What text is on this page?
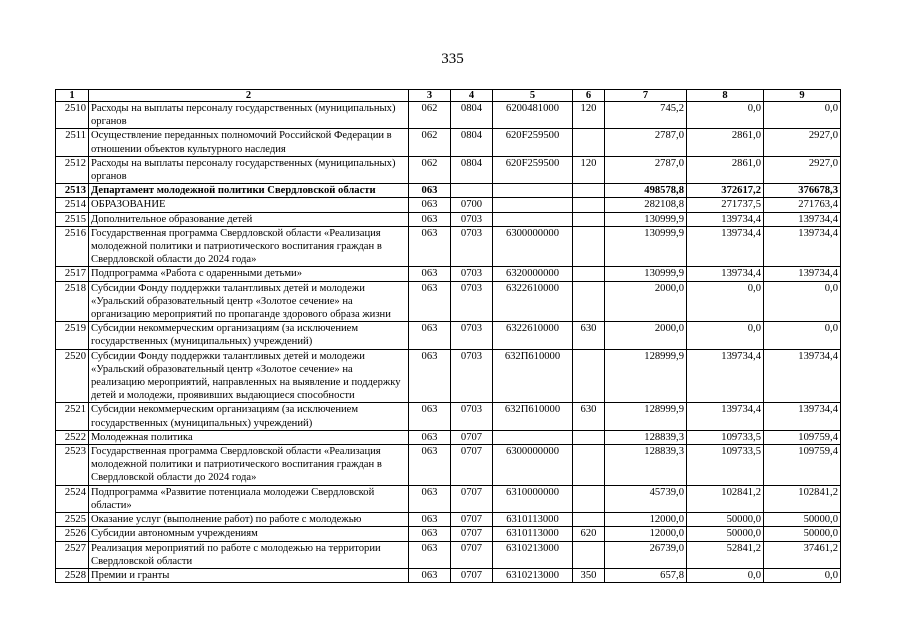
335
1	2	3	4	5	6	7	8	9
2510	Расходы на выплаты персоналу государственных (муниципальных) органов	062	0804	6200481000	120	745,2	0,0	0,0
2511	Осуществление переданных полномочий Российской Федерации в отношении объектов культурного наследия	062	0804	620F259500		2787,0	2861,0	2927,0
2512	Расходы на выплаты персоналу государственных (муниципальных) органов	062	0804	620F259500	120	2787,0	2861,0	2927,0
2513	Департамент молодежной политики Свердловской области	063				498578,8	372617,2	376678,3
2514	ОБРАЗОВАНИЕ	063	0700			282108,8	271737,5	271763,4
2515	Дополнительное образование детей	063	0703			130999,9	139734,4	139734,4
2516	Государственная программа Свердловской области «Реализация молодежной политики и патриотического воспитания граждан в Свердловской области до 2024 года»	063	0703	6300000000		130999,9	139734,4	139734,4
2517	Подпрограмма «Работа с одаренными детьми»	063	0703	6320000000		130999,9	139734,4	139734,4
2518	Субсидии Фонду поддержки талантливых детей и молодежи «Уральский образовательный центр «Золотое сечение» на организацию мероприятий по пропаганде здорового образа жизни	063	0703	6322610000		2000,0	0,0	0,0
2519	Субсидии некоммерческим организациям (за исключением государственных (муниципальных) учреждений)	063	0703	6322610000	630	2000,0	0,0	0,0
2520	Субсидии Фонду поддержки талантливых детей и молодежи «Уральский образовательный центр «Золотое сечение» на реализацию мероприятий, направленных на выявление и поддержку детей и молодежи, проявивших выдающиеся способности	063	0703	632П610000		128999,9	139734,4	139734,4
2521	Субсидии некоммерческим организациям (за исключением государственных (муниципальных) учреждений)	063	0703	632П610000	630	128999,9	139734,4	139734,4
2522	Молодежная политика	063	0707			128839,3	109733,5	109759,4
2523	Государственная программа Свердловской области «Реализация молодежной политики и патриотического воспитания граждан в Свердловской области до 2024 года»	063	0707	6300000000		128839,3	109733,5	109759,4
2524	Подпрограмма «Развитие потенциала молодежи Свердловской области»	063	0707	6310000000		45739,0	102841,2	102841,2
2525	Оказание услуг (выполнение работ) по работе с молодежью	063	0707	6310113000		12000,0	50000,0	50000,0
2526	Субсидии автономным учреждениям	063	0707	6310113000	620	12000,0	50000,0	50000,0
2527	Реализация мероприятий по работе с молодежью на территории Свердловской области	063	0707	6310213000		26739,0	52841,2	37461,2
2528	Премии и гранты	063	0707	6310213000	350	657,8	0,0	0,0
